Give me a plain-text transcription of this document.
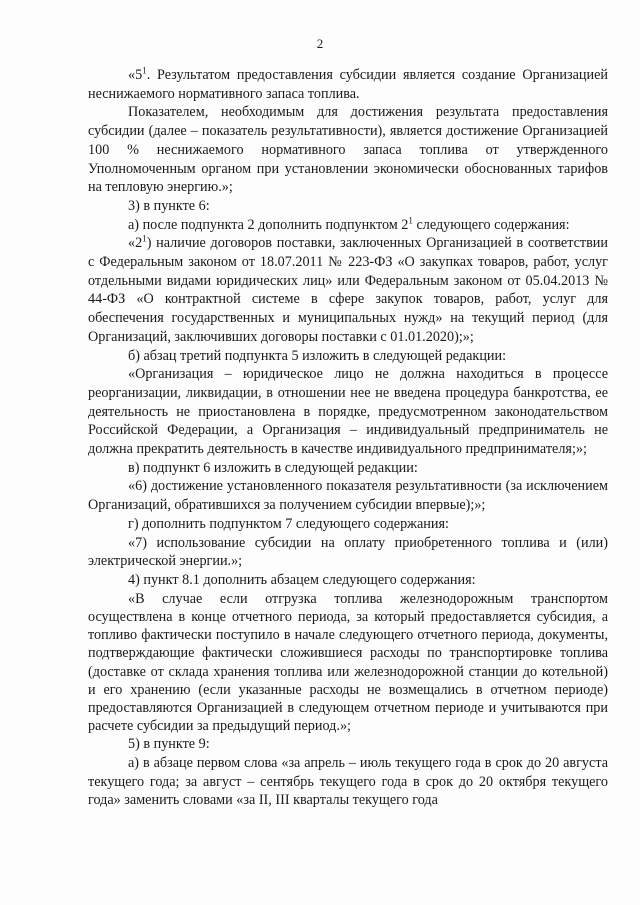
2

«$5^1$. Результатом предоставления субсидии является создание Организацией неснижаемого нормативного запаса топлива.

Показателем, необходимым для достижения результата предоставления субсидии (далее – показатель результативности), является достижение Организацией 100 % неснижаемого нормативного запаса топлива от утвержденного Уполномоченным органом при установлении экономически обоснованных тарифов на тепловую энергию.»;

3) в пункте 6:

а) после подпункта 2 дополнить подпунктом $2^1$ следующего содержания:

«$2^1$) наличие договоров поставки, заключенных Организацией в соответствии с Федеральным законом от 18.07.2011 № 223-ФЗ «О закупках товаров, работ, услуг отдельными видами юридических лиц» или Федеральным законом от 05.04.2013 № 44-ФЗ «О контрактной системе в сфере закупок товаров, работ, услуг для обеспечения государственных и муниципальных нужд» на текущий период (для Организаций, заключивших договоры поставки с 01.01.2020);»;

б) абзац третий подпункта 5 изложить в следующей редакции:

«Организация – юридическое лицо не должна находиться в процессе реорганизации, ликвидации, в отношении нее не введена процедура банкротства, ее деятельность не приостановлена в порядке, предусмотренном законодательством Российской Федерации, а Организация – индивидуальный предприниматель не должна прекратить деятельность в качестве индивидуального предпринимателя;»;

в) подпункт 6 изложить в следующей редакции:

«6) достижение установленного показателя результативности (за исключением Организаций, обратившихся за получением субсидии впервые);»;

г) дополнить подпунктом 7 следующего содержания:

«7) использование субсидии на оплату приобретенного топлива и (или) электрической энергии.»;

4) пункт 8.1 дополнить абзацем следующего содержания:

«В случае если отгрузка топлива железнодорожным транспортом осуществлена в конце отчетного периода, за который предоставляется субсидия, а топливо фактически поступило в начале следующего отчетного периода, документы, подтверждающие фактически сложившиеся расходы по транспортировке топлива (доставке от склада хранения топлива или железнодорожной станции до котельной) и его хранению (если указанные расходы не возмещались в отчетном периоде) предоставляются Организацией в следующем отчетном периоде и учитываются при расчете субсидии за предыдущий период.»;

5) в пункте 9:

а) в абзаце первом слова «за апрель – июль текущего года в срок до 20 августа текущего года; за август – сентябрь текущего года в срок до 20 октября текущего года» заменить словами «за II, III кварталы текущего года
